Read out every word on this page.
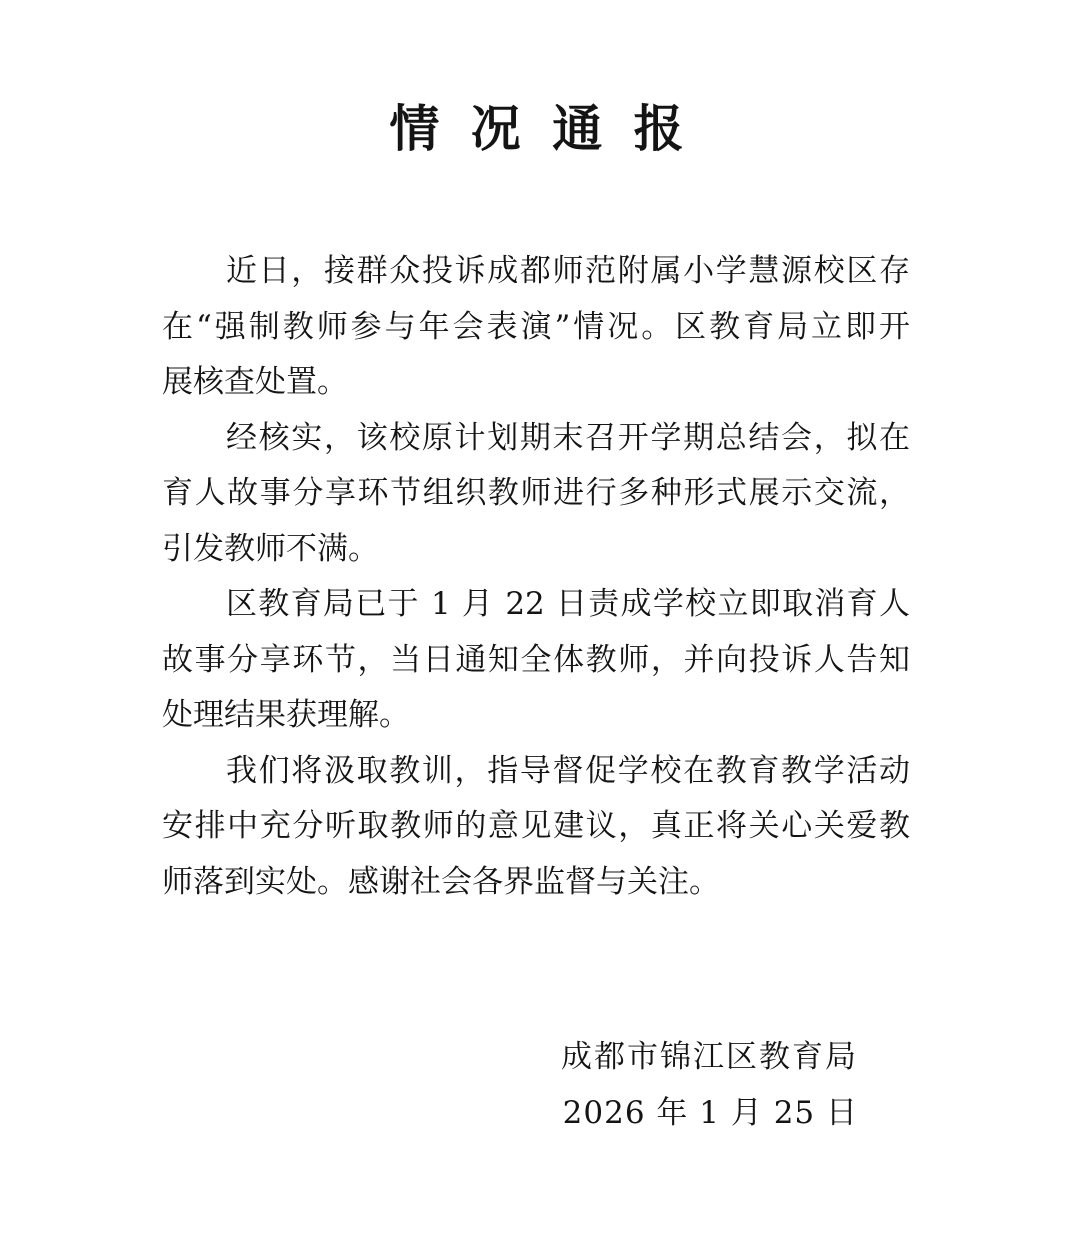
情 况 通 报
近日，接群众投诉成都师范附属小学慧源校区存
在“强制教师参与年会表演”情况。区教育局立即开
展核查处置。
经核实，该校原计划期末召开学期总结会，拟在
育人故事分享环节组织教师进行多种形式展示交流，
引发教师不满。
区教育局已于 1 月 22 日责成学校立即取消育人
故事分享环节，当日通知全体教师，并向投诉人告知
处理结果获理解。
我们将汲取教训，指导督促学校在教育教学活动
安排中充分听取教师的意见建议，真正将关心关爱教
师落到实处。感谢社会各界监督与关注。
成都市锦江区教育局
2026 年 1 月 25 日
